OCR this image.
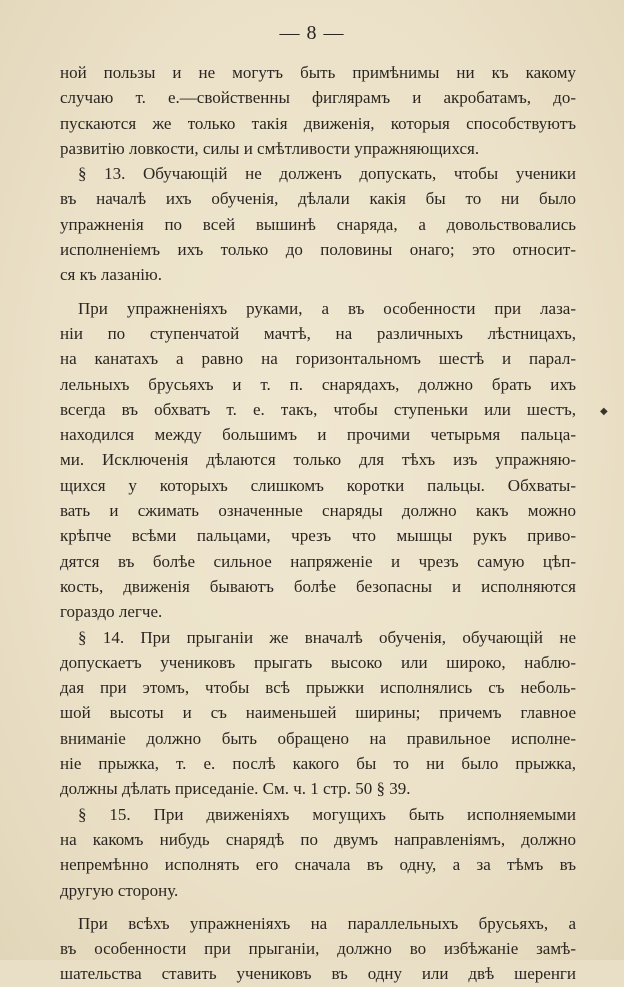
— 8 —
ной пользы и не могутъ быть примѣнимы ни къ какому
случаю т. е.—свойственны фиглярамъ и акробатамъ, до-
пускаются же только такія движенія, которыя способствуютъ
развитію ловкости, силы и смѣтливости упражняющихся.
§ 13. Обучающій не долженъ допускать, чтобы ученики
въ началѣ ихъ обученія, дѣлали какія бы то ни было
упражненія по всей вышинѣ снаряда, а довольствовались
исполненіемъ ихъ только до половины онаго; это относит-
ся къ лазанію.
При упражненіяхъ руками, а въ особенности при лаза-
ніи по ступенчатой мачтѣ, на различныхъ лѣстницахъ,
на канатахъ а равно на горизонтальномъ шестѣ и парал-
лельныхъ брусьяхъ и т. п. снарядахъ, должно брать ихъ
всегда въ обхватъ т. е. такъ, чтобы ступеньки или шестъ,
находился между большимъ и прочими четырьмя пальца-
ми. Исключенія дѣлаются только для тѣхъ изъ упражняю-
щихся у которыхъ слишкомъ коротки пальцы. Обхваты-
вать и сжимать означенные снаряды должно какъ можно
крѣпче всѣми пальцами, чрезъ что мышцы рукъ приво-
дятся въ болѣе сильное напряженіе и чрезъ самую цѣп-
кость, движенія бываютъ болѣе безопасны и исполняются
гораздо легче.
§ 14. При прыганіи же вначалѣ обученія, обучающій не
допускаетъ учениковъ прыгать высоко или широко, наблю-
дая при этомъ, чтобы всѣ прыжки исполнялись съ неболь-
шой высоты и съ наименьшей ширины; причемъ главное
вниманіе должно быть обращено на правильное исполне-
ніе прыжка, т. е. послѣ какого бы то ни было прыжка,
должны дѣлать приседаніе. См. ч. 1 стр. 50 § 39.
§ 15. При движеніяхъ могущихъ быть исполняемыми
на какомъ нибудь снарядѣ по двумъ направленіямъ, должно
непремѣнно исполнять его сначала въ одну, а за тѣмъ въ
другую сторону.
При всѣхъ упражненіяхъ на параллельныхъ брусьяхъ, а
въ особенности при прыганіи, должно во избѣжаніе замѣ-
шательства ставить учениковъ въ одну или двѣ шеренги
◆
